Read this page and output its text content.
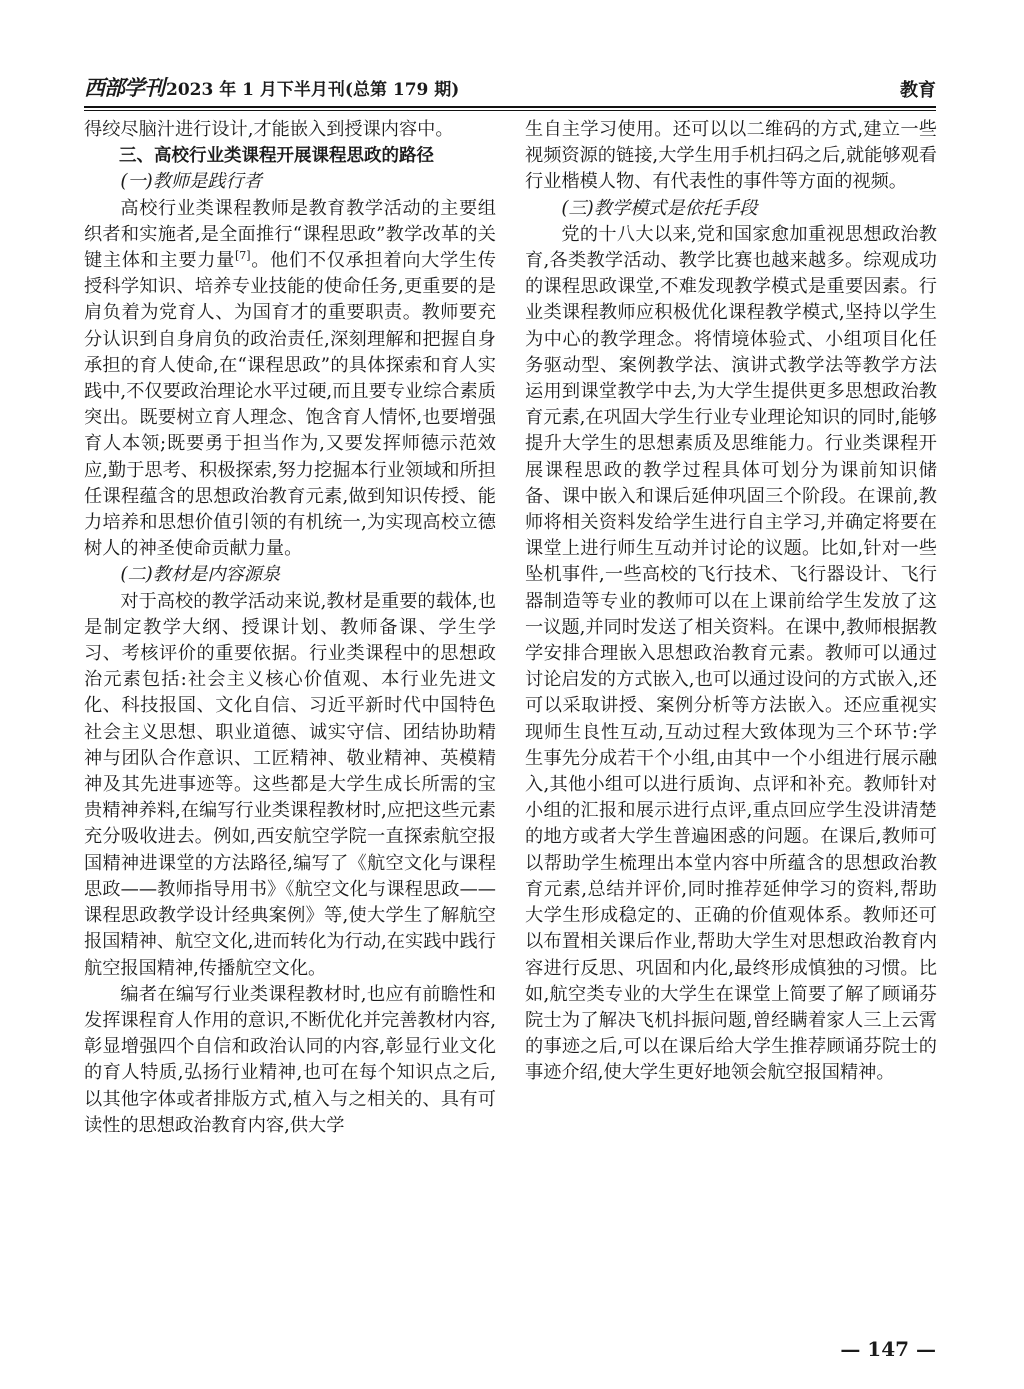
西部学刊 2023 年 1 月下半月刊(总第 179 期)	教育

得绞尽脑汁进行设计,才能嵌入到授课内容中。

三、高校行业类课程开展课程思政的路径

(一)教师是践行者

高校行业类课程教师是教育教学活动的主要组织者和实施者,是全面推行“课程思政”教学改革的关键主体和主要力量[7]。他们不仅承担着向大学生传授科学知识、培养专业技能的使命任务,更重要的是肩负着为党育人、为国育才的重要职责。教师要充分认识到自身肩负的政治责任,深刻理解和把握自身承担的育人使命,在“课程思政”的具体探索和育人实践中,不仅要政治理论水平过硬,而且要专业综合素质突出。既要树立育人理念、饱含育人情怀,也要增强育人本领;既要勇于担当作为,又要发挥师德示范效应,勤于思考、积极探索,努力挖掘本行业领域和所担任课程蕴含的思想政治教育元素,做到知识传授、能力培养和思想价值引领的有机统一,为实现高校立德树人的神圣使命贡献力量。

(二)教材是内容源泉

对于高校的教学活动来说,教材是重要的载体,也是制定教学大纲、授课计划、教师备课、学生学习、考核评价的重要依据。行业类课程中的思想政治元素包括:社会主义核心价值观、本行业先进文化、科技报国、文化自信、习近平新时代中国特色社会主义思想、职业道德、诚实守信、团结协助精神与团队合作意识、工匠精神、敬业精神、英模精神及其先进事迹等。这些都是大学生成长所需的宝贵精神养料,在编写行业类课程教材时,应把这些元素充分吸收进去。例如,西安航空学院一直探索航空报国精神进课堂的方法路径,编写了《航空文化与课程思政——教师指导用书》《航空文化与课程思政——课程思政教学设计经典案例》等,使大学生了解航空报国精神、航空文化,进而转化为行动,在实践中践行航空报国精神,传播航空文化。

编者在编写行业类课程教材时,也应有前瞻性和发挥课程育人作用的意识,不断优化并完善教材内容,彰显增强四个自信和政治认同的内容,彰显行业文化的育人特质,弘扬行业精神,也可在每个知识点之后,以其他字体或者排版方式,植入与之相关的、具有可读性的思想政治教育内容,供大学

生自主学习使用。还可以以二维码的方式,建立一些视频资源的链接,大学生用手机扫码之后,就能够观看行业楷模人物、有代表性的事件等方面的视频。

(三)教学模式是依托手段

党的十八大以来,党和国家愈加重视思想政治教育,各类教学活动、教学比赛也越来越多。综观成功的课程思政课堂,不难发现教学模式是重要因素。行业类课程教师应积极优化课程教学模式,坚持以学生为中心的教学理念。将情境体验式、小组项目化任务驱动型、案例教学法、演讲式教学法等教学方法运用到课堂教学中去,为大学生提供更多思想政治教育元素,在巩固大学生行业专业理论知识的同时,能够提升大学生的思想素质及思维能力。行业类课程开展课程思政的教学过程具体可划分为课前知识储备、课中嵌入和课后延伸巩固三个阶段。在课前,教师将相关资料发给学生进行自主学习,并确定将要在课堂上进行师生互动并讨论的议题。比如,针对一些坠机事件,一些高校的飞行技术、飞行器设计、飞行器制造等专业的教师可以在上课前给学生发放了这一议题,并同时发送了相关资料。在课中,教师根据教学安排合理嵌入思想政治教育元素。教师可以通过讨论启发的方式嵌入,也可以通过设问的方式嵌入,还可以采取讲授、案例分析等方法嵌入。还应重视实现师生良性互动,互动过程大致体现为三个环节:学生事先分成若干个小组,由其中一个小组进行展示融入,其他小组可以进行质询、点评和补充。教师针对小组的汇报和展示进行点评,重点回应学生没讲清楚的地方或者大学生普遍困惑的问题。在课后,教师可以帮助学生梳理出本堂内容中所蕴含的思想政治教育元素,总结并评价,同时推荐延伸学习的资料,帮助大学生形成稳定的、正确的价值观体系。教师还可以布置相关课后作业,帮助大学生对思想政治教育内容进行反思、巩固和内化,最终形成慎独的习惯。比如,航空类专业的大学生在课堂上简要了解了顾诵芬院士为了解决飞机抖振问题,曾经瞒着家人三上云霄的事迹之后,可以在课后给大学生推荐顾诵芬院士的事迹介绍,使大学生更好地领会航空报国精神。

— 147 —
